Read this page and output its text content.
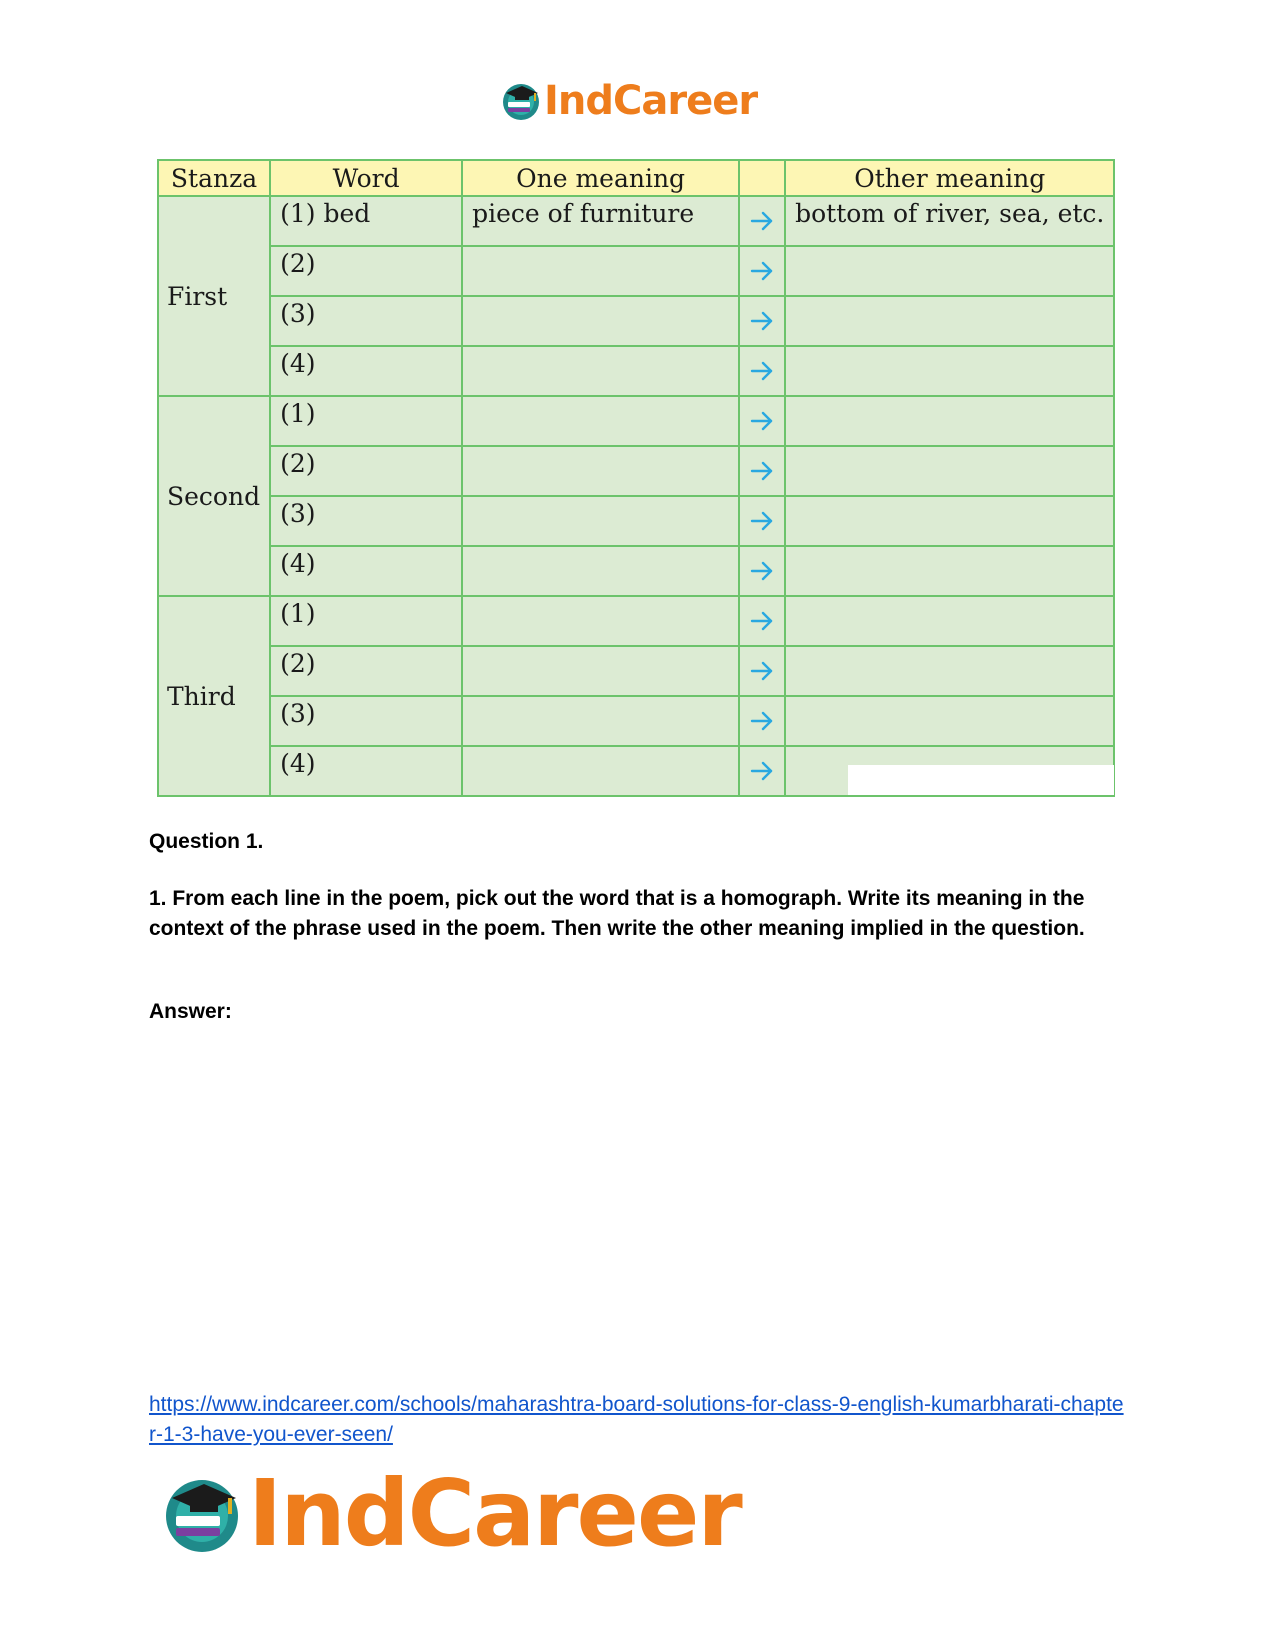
IndCareer
Stanza	Word	One meaning		Other meaning
First	(1) bed	piece of furniture		bottom of river, sea, etc.
	(2)		

	(3)		

	(4)		

Second	(1)		

	(2)		

	(3)		

	(4)		

Third	(1)		

	(2)		

	(3)		

	(4)		

Question 1.
1. From each line in the poem, pick out the word that is a homograph. Write its meaning in the context of the phrase used in the poem. Then write the other meaning implied in the question.
Answer:
https://www.indcareer.com/schools/maharashtra-board-solutions-for-class-9-english-kumarbharati-chapter-1-3-have-you-ever-seen/
IndCareer
